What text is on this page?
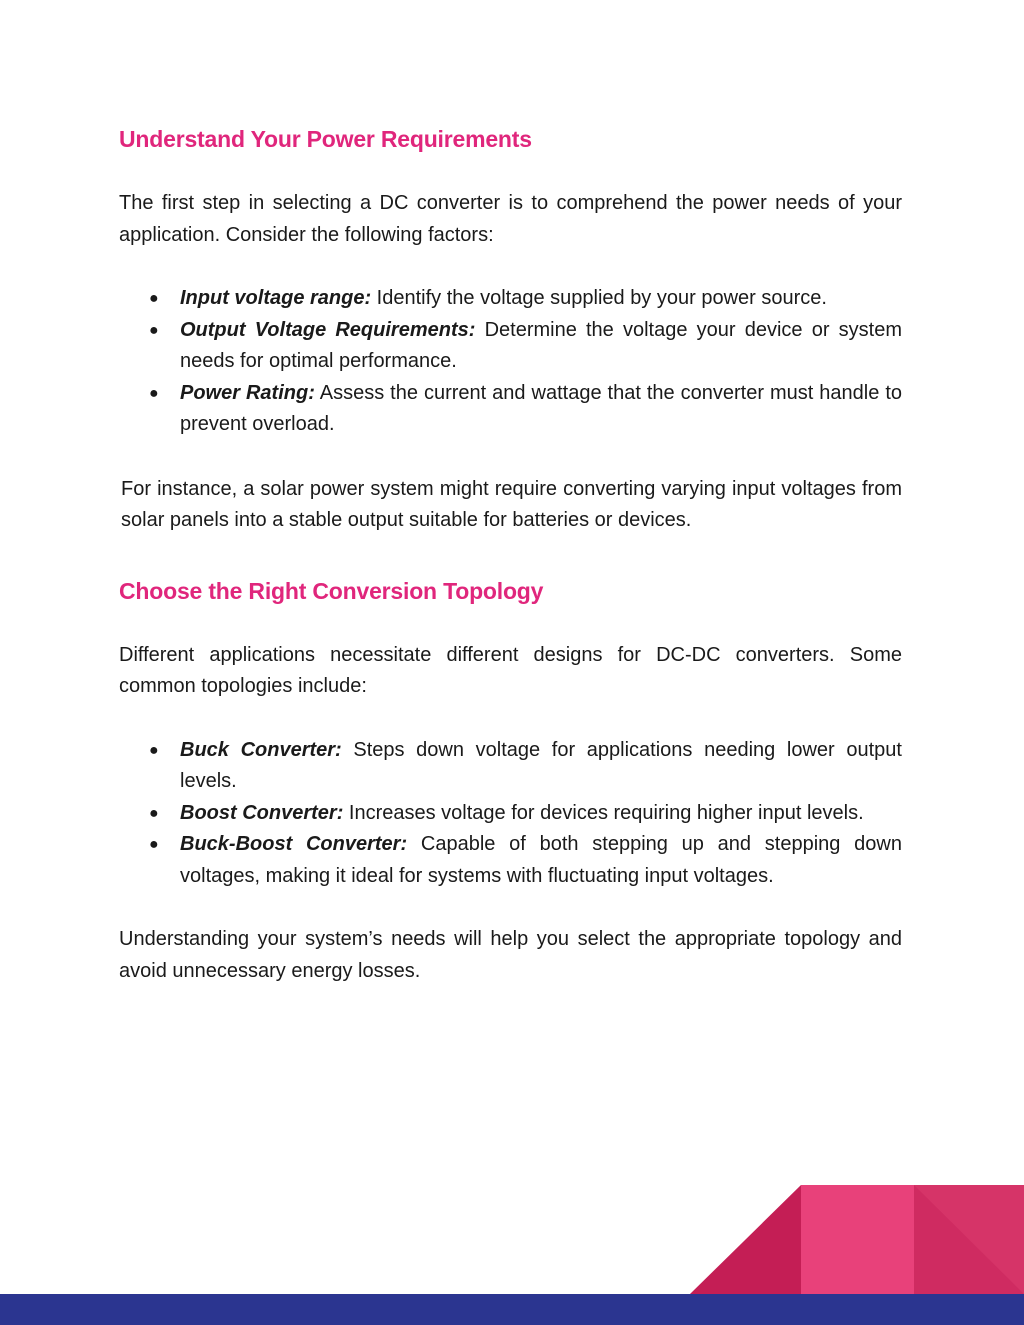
Understand Your Power Requirements

The first step in selecting a DC converter is to comprehend the power needs of your application. Consider the following factors:

● Input voltage range: Identify the voltage supplied by your power source.
● Output Voltage Requirements: Determine the voltage your device or system needs for optimal performance.
● Power Rating: Assess the current and wattage that the converter must handle to prevent overload.

For instance, a solar power system might require converting varying input voltages from solar panels into a stable output suitable for batteries or devices.

Choose the Right Conversion Topology

Different applications necessitate different designs for DC-DC converters. Some common topologies include:

● Buck Converter: Steps down voltage for applications needing lower output levels.
● Boost Converter: Increases voltage for devices requiring higher input levels.
● Buck-Boost Converter: Capable of both stepping up and stepping down voltages, making it ideal for systems with fluctuating input voltages.

Understanding your system’s needs will help you select the appropriate topology and avoid unnecessary energy losses.
